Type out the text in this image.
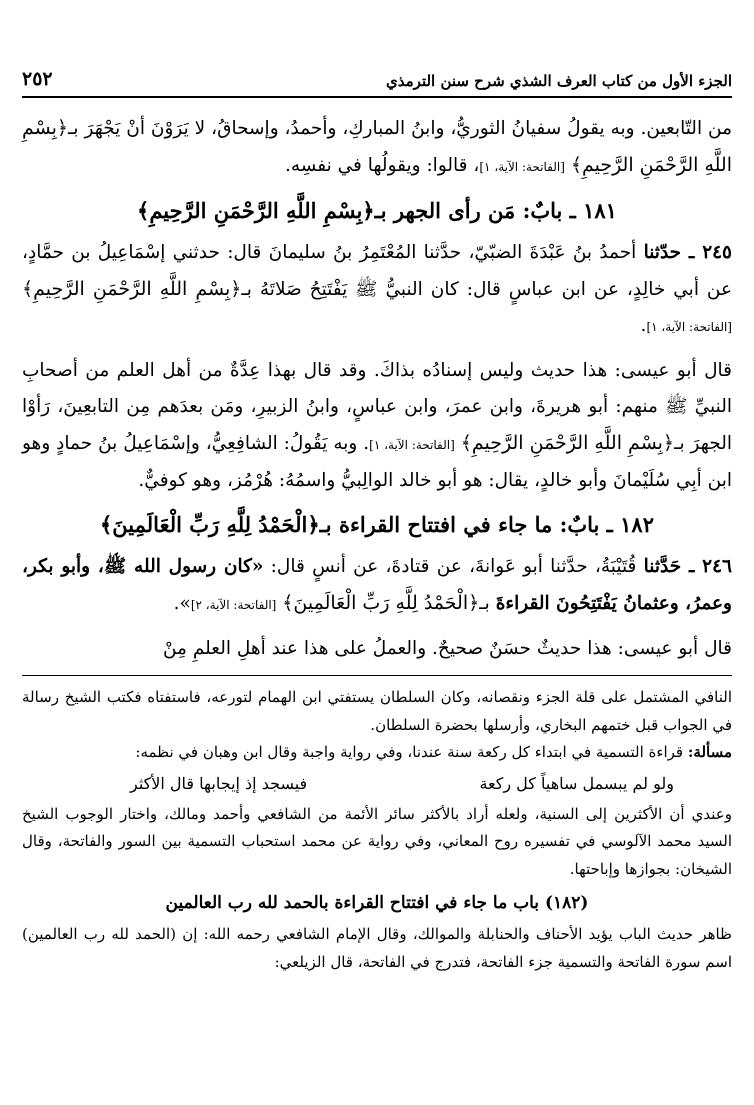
الجزء الأول من كتاب العرف الشذي شرح سنن الترمذي
٢٥٢

من التّابعين. وبه يقولُ سفيانُ الثوريُّ، وابنُ المباركِ، وأحمدُ، وإسحاقُ، لا يَرَوْنَ أنْ يَجْهَرَ بـ﴿بِسْمِ اللَّهِ الرَّحْمَنِ الرَّحِيمِ﴾ [الفاتحة: الآية، ١]، قالوا: ويقولُها في نفسِه.

١٨١ ـ بابٌ: مَن رأى الجهر بـ﴿بِسْمِ اللَّهِ الرَّحْمَنِ الرَّحِيمِ﴾

٢٤٥ ـ حدّثنا أحمدُ بنُ عَبْدَةَ الضبّيّ، حدَّثنا المُعْتَمِرُ بنُ سليمانَ قال: حدثني إسْمَاعِيلُ بن حمَّادٍ، عن أبي خالِدٍ، عن ابن عباسٍ قال: كان النبيُّ ﷺ يَفْتَتِحُ صَلاتَهُ بـ﴿بِسْمِ اللَّهِ الرَّحْمَنِ الرَّحِيمِ﴾ [الفاتحة: الآية، ١].

قال أبو عيسى: هذا حديث وليس إسنادُه بذاكَ. وقد قال بهذا عِدَّةٌ من أهل العلم من أصحابِ النبيِّ ﷺ منهم: أبو هريرةَ، وابن عمرَ، وابن عباسٍ، وابنُ الزبيرِ، ومَن بعدَهم مِن التابعِينَ، رَأوْا الجهرَ بـ﴿بِسْمِ اللَّهِ الرَّحْمَنِ الرَّحِيمِ﴾ [الفاتحة: الآية، ١]. وبه يَقُولُ: الشافِعِيُّ، وإسْمَاعِيلُ بنُ حمادٍ وهو ابن أبِي سُلَيْمانَ وأبو خالدٍ، يقال: هو أبو خالد الوالِبيُّ واسمُهُ: هُرْمُز، وهو كوفيٌّ.

١٨٢ ـ بابٌ: ما جاء في افتتاح القراءة بـ﴿الْحَمْدُ لِلَّهِ رَبِّ الْعَالَمِينَ﴾

٢٤٦ ـ حَدَّثنا قُتَيْبَةُ، حدَّثنا أبو عَوانةَ، عن قتادةَ، عن أنسٍ قال: «كان رسول الله ﷺ، وأبو بكر، وعمرُ، وعثمانُ يَفْتَتِحُونَ القراءةَ بـ﴿الْحَمْدُ لِلَّهِ رَبِّ الْعَالَمِينَ﴾ [الفاتحة: الآية، ٢]».

قال أبو عيسى: هذا حديثٌ حسَنٌ صحيحٌ. والعملُ على هذا عند أهلِ العلمِ مِنْ

النافي المشتمل على قلة الجزء ونقصانه، وكان السلطان يستفتي ابن الهمام لتورعه، فاستفتاه فكتب الشيخ رسالة في الجواب قبل ختمهم البخاري، وأرسلها بحضرة السلطان.

مسألة: قراءة التسمية في ابتداء كل ركعة سنة عندنا، وفي رواية واجبة وقال ابن وهبان في نظمه:

ولو لم يبسمل ساهياً كل ركعة
فيسجد إذ إيجابها قال الأكثر

وعندي أن الأكثرين إلى السنية، ولعله أراد بالأكثر سائر الأئمة من الشافعي وأحمد ومالك، واختار الوجوب الشيخ السيد محمد الآلوسي في تفسيره روح المعاني، وفي رواية عن محمد استحباب التسمية بين السور والفاتحة، وقال الشيخان: بجوازها وإباحتها.

(١٨٢) باب ما جاء في افتتاح القراءة بالحمد لله رب العالمين

ظاهر حديث الباب يؤيد الأحناف والحنابلة والموالك، وقال الإمام الشافعي رحمه الله: إن (الحمد لله رب العالمين) اسم سورة الفاتحة والتسمية جزء الفاتحة، فتدرج في الفاتحة، قال الزيلعي:
